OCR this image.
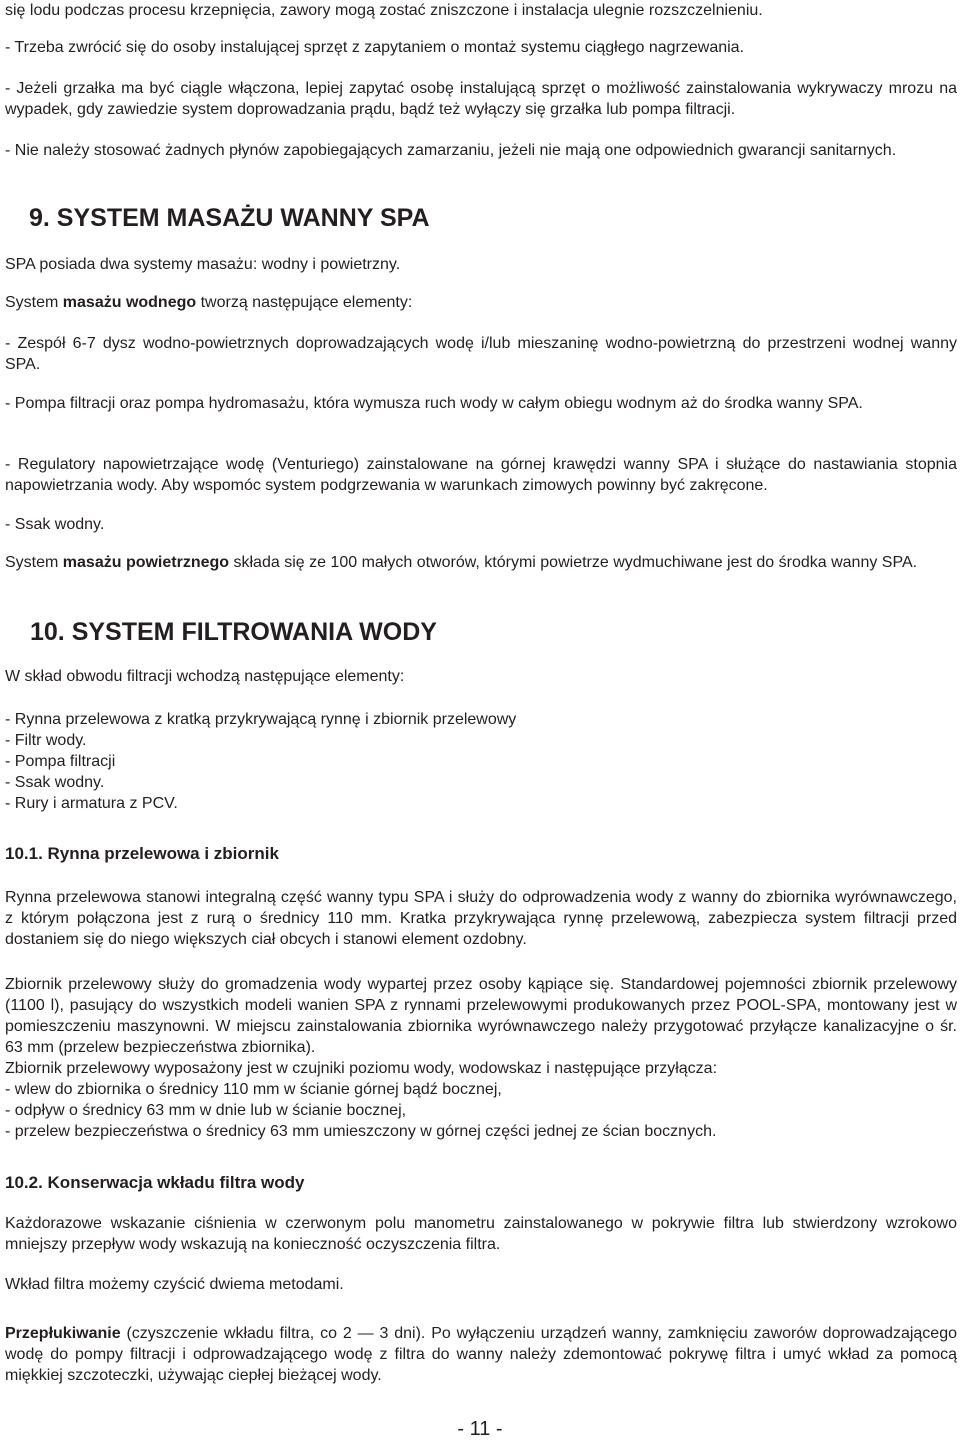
się lodu podczas procesu krzepnięcia, zawory mogą zostać zniszczone i instalacja ulegnie rozszczelnieniu.

- Trzeba zwrócić się do osoby instalującej sprzęt z zapytaniem o montaż systemu ciągłego nagrzewania.

- Jeżeli grzałka ma być ciągle włączona, lepiej zapytać osobę instalującą sprzęt o możliwość zainstalowania wykrywaczy mrozu na wypadek, gdy zawiedzie system doprowadzania prądu, bądź też wyłączy się grzałka lub pompa filtracji.

- Nie należy stosować żadnych płynów zapobiegających zamarzaniu, jeżeli nie mają one odpowiednich gwarancji sanitarnych.

9. SYSTEM MASAŻU WANNY SPA

SPA posiada dwa systemy masażu: wodny i powietrzny.

System masażu wodnego tworzą następujące elementy:

- Zespół 6-7 dysz wodno-powietrznych doprowadzających wodę i/lub mieszaninę wodno-powietrzną do przestrzeni wodnej wanny SPA.

- Pompa filtracji oraz pompa hydromasażu, która wymusza ruch wody w całym obiegu wodnym aż do środka wanny SPA.

- Regulatory napowietrzające wodę (Venturiego) zainstalowane na górnej krawędzi wanny SPA i służące do nastawiania stopnia napowietrzania wody. Aby wspomóc system podgrzewania w warunkach zimowych powinny być zakręcone.

- Ssak wodny.

System masażu powietrznego składa się ze 100 małych otworów, którymi powietrze wydmuchiwane jest do środka wanny SPA.

10. SYSTEM FILTROWANIA WODY

W skład obwodu filtracji wchodzą następujące elementy:

- Rynna przelewowa z kratką przykrywającą rynnę i zbiornik przelewowy
- Filtr wody.
- Pompa filtracji
- Ssak wodny.
- Rury i armatura z PCV.
10.1. Rynna przelewowa i zbiornik

Rynna przelewowa stanowi integralną część wanny typu SPA i służy do odprowadzenia wody z wanny do zbiornika wyrównawczego, z którym połączona jest z rurą o średnicy 110 mm. Kratka przykrywająca rynnę przelewową, zabezpiecza system filtracji przed dostaniem się do niego większych ciał obcych i stanowi element ozdobny.

Zbiornik przelewowy służy do gromadzenia wody wypartej przez osoby kąpiące się. Standardowej pojemności zbiornik przelewowy (1100 l), pasujący do wszystkich modeli wanien SPA z rynnami przelewowymi produkowanych przez POOL-SPA, montowany jest w pomieszczeniu maszynowni. W miejscu zainstalowania zbiornika wyrównawczego należy przygotować przyłącze kanalizacyjne o śr. 63 mm (przelew bezpieczeństwa zbiornika).

Zbiornik przelewowy wyposażony jest w czujniki poziomu wody, wodowskaz i następujące przyłącza:
- wlew do zbiornika o średnicy 110 mm w ścianie górnej bądź bocznej,
- odpływ o średnicy 63 mm w dnie lub w ścianie bocznej,
- przelew bezpieczeństwa o średnicy 63 mm umieszczony w górnej części jednej ze ścian bocznych.
10.2. Konserwacja wkładu filtra wody

Każdorazowe wskazanie ciśnienia w czerwonym polu manometru zainstalowanego w pokrywie filtra lub stwierdzony wzrokowo mniejszy przepływ wody wskazują na konieczność oczyszczenia filtra.

Wkład filtra możemy czyścić dwiema metodami.

Przepłukiwanie (czyszczenie wkładu filtra, co 2 — 3 dni). Po wyłączeniu urządzeń wanny, zamknięciu zaworów doprowadzającego wodę do pompy filtracji i odprowadzającego wodę z filtra do wanny należy zdemontować pokrywę filtra i umyć wkład za pomocą miękkiej szczoteczki, używając ciepłej bieżącej wody.

- 11 -
